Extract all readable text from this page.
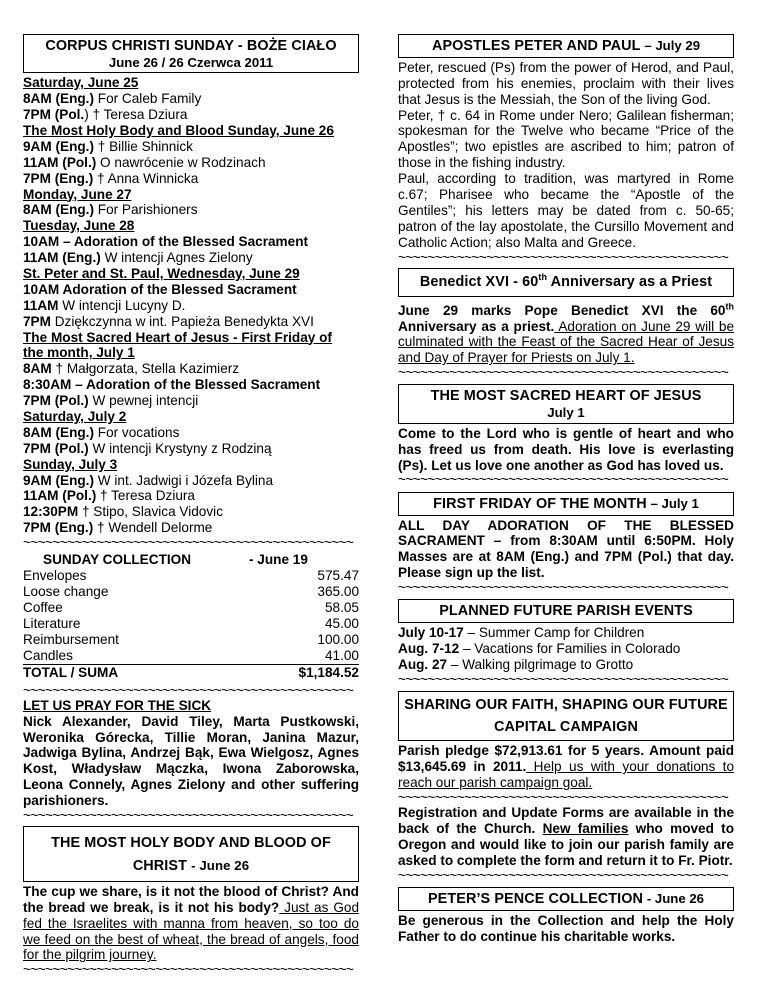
CORPUS CHRISTI SUNDAY - BOŻE CIAŁO
June 26 / 26 Czerwca 2011
Saturday, June 25
8AM (Eng.) For Caleb Family
7PM (Pol.) † Teresa Dziura
The Most Holy Body and Blood Sunday, June 26
9AM (Eng.) † Billie Shinnick
11AM (Pol.) O nawrócenie w Rodzinach
7PM (Eng.) † Anna Winnicka
Monday, June 27
8AM (Eng.) For Parishioners
Tuesday, June 28
10AM – Adoration of the Blessed Sacrament
11AM (Eng.) W intencji Agnes Zielony
St. Peter and St. Paul, Wednesday, June 29
10AM Adoration of the Blessed Sacrament
11AM W intencji Lucyny D.
7PM Dziękczynna w int. Papieża Benedykta XVI
The Most Sacred Heart of Jesus - First Friday of
the month, July 1
8AM † Małgorzata, Stella Kazimierz
8:30AM – Adoration of the Blessed Sacrament
7PM (Pol.) W pewnej intencji
Saturday, July 2
8AM (Eng.) For vocations
7PM (Pol.) W intencji Krystyny z Rodziną
Sunday, July 3
9AM (Eng.) W int. Jadwigi i Józefa Bylina
11AM (Pol.) † Teresa Dziura
12:30PM † Stipo, Slavica Vidovic
7PM (Eng.) † Wendell Delorme
~~~~~~~~~~~~~~~~~~~~~~~~~~~~~~~~~~~~~~~~~~~~~
SUNDAY COLLECTION	- June 19
Envelopes	575.47
Loose change	365.00
Coffee	58.05
Literature	45.00
Reimbursement	100.00
Candles	41.00
TOTAL / SUMA	$1,184.52
~~~~~~~~~~~~~~~~~~~~~~~~~~~~~~~~~~~~~~~~~~~~~
LET US PRAY FOR THE SICK

Nick Alexander, David Tiley, Marta Pustkowski, Weronika Górecka, Tillie Moran, Janina Mazur, Jadwiga Bylina, Andrzej Bąk, Ewa Wielgosz, Agnes Kost, Władysław Mączka, Iwona Zaborowska, Leona Connely, Agnes Zielony and other suffering parishioners.

~~~~~~~~~~~~~~~~~~~~~~~~~~~~~~~~~~~~~~~~~~~~~
THE MOST HOLY BODY AND BLOOD OF CHRIST - June 26

The cup we share, is it not the blood of Christ? And the bread we break, is it not his body? Just as God fed the Israelites with manna from heaven, so too do we feed on the best of wheat, the bread of angels, food for the pilgrim journey.

~~~~~~~~~~~~~~~~~~~~~~~~~~~~~~~~~~~~~~~~~~~~~
APOSTLES PETER AND PAUL – July 29

Peter, rescued (Ps) from the power of Herod, and Paul, protected from his enemies, proclaim with their lives that Jesus is the Messiah, the Son of the living God.

Peter, † c. 64 in Rome under Nero; Galilean fisherman; spokesman for the Twelve who became “Price of the Apostles”; two epistles are ascribed to him; patron of those in the fishing industry.

Paul, according to tradition, was martyred in Rome c.67; Pharisee who became the “Apostle of the Gentiles”; his letters may be dated from c. 50-65; patron of the lay apostolate, the Cursillo Movement and Catholic Action; also Malta and Greece.

~~~~~~~~~~~~~~~~~~~~~~~~~~~~~~~~~~~~~~~~~~~~~
Benedict XVI - 60th Anniversary as a Priest

June 29 marks Pope Benedict XVI the 60th Anniversary as a priest. Adoration on June 29 will be culminated with the Feast of the Sacred Hear of Jesus and Day of Prayer for Priests on July 1.

~~~~~~~~~~~~~~~~~~~~~~~~~~~~~~~~~~~~~~~~~~~~~
THE MOST SACRED HEART OF JESUS
July 1

Come to the Lord who is gentle of heart and who has freed us from death. His love is everlasting (Ps). Let us love one another as God has loved us.

~~~~~~~~~~~~~~~~~~~~~~~~~~~~~~~~~~~~~~~~~~~~~
FIRST FRIDAY OF THE MONTH – July 1

ALL DAY ADORATION OF THE BLESSED SACRAMENT – from 8:30AM until 6:50PM. Holy Masses are at 8AM (Eng.) and 7PM (Pol.) that day. Please sign up the list.

~~~~~~~~~~~~~~~~~~~~~~~~~~~~~~~~~~~~~~~~~~~~~
PLANNED FUTURE PARISH EVENTS
July 10-17 – Summer Camp for Children
Aug. 7-12 – Vacations for Families in Colorado
Aug. 27 – Walking pilgrimage to Grotto
~~~~~~~~~~~~~~~~~~~~~~~~~~~~~~~~~~~~~~~~~~~~~
SHARING OUR FAITH, SHAPING OUR FUTURE CAPITAL CAMPAIGN

Parish pledge $72,913.61 for 5 years. Amount paid $13,645.69 in 2011. Help us with your donations to reach our parish campaign goal.

~~~~~~~~~~~~~~~~~~~~~~~~~~~~~~~~~~~~~~~~~~~~~

Registration and Update Forms are available in the back of the Church. New families who moved to Oregon and would like to join our parish family are asked to complete the form and return it to Fr. Piotr.

~~~~~~~~~~~~~~~~~~~~~~~~~~~~~~~~~~~~~~~~~~~~~
PETER’S PENCE COLLECTION - June 26

Be generous in the Collection and help the Holy Father to do continue his charitable works.
